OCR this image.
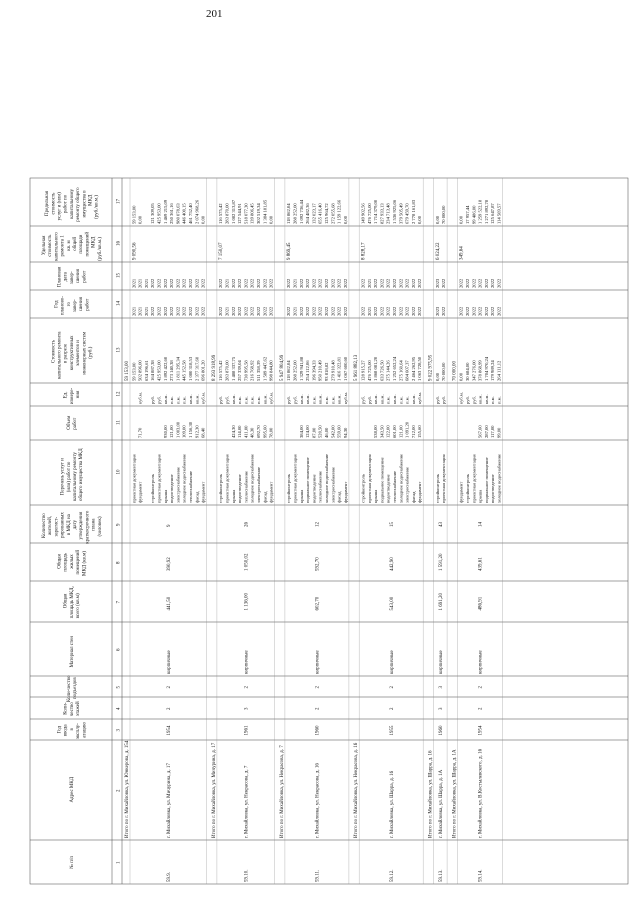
201
№ п/п
Адрес МКД
Год ввода в эксплу- атацию
Коли- чество этажей
Коли-чество подъездов
Материал стен
Общая площадь МКД, всего (кв.м)
Общая площадь жилых помещений МКД (кв.м)
Количество жителей, зарегист- рированных в МКД на дату утверждения краткосрочного плана (человек)
Перечень услуг и (или) работ по капитальному ремонту общего имущества МКД
Объем работ
Ед. измере- ния
Стоимость капитального ремонта в разрезе конструктивных элементов и инженерных систем (руб.)
Год планово- го завер- шения работ
Плановая дата завер- шения работ
Удельная стоимость капитального ремонта 1 кв. м общей площади помещений МКД (руб./кв.м.)
Предельная стоимость услуг и (или) работ по капитальному ремонту общего имущества в МКД (руб./кв.м.)
1
2
3
4
5
6
7
8
9
10
11
12
13
14
15
16
17
Итого по г. Михайловка, ул. Юнкерова, д. 154
59 153,00
проектная документация
59 153,00
2021
2021
59 153,00
фундамент
71,70
куб.м.
502 896,00
2021
2021
0,00
634 196,61
2021
2021
стройконтроль
руб.
164 887,38
2022
2022
121 309,05
проектная документация
руб.
425 953,00
2022
2022
425 953,00
крыша
930,00
кв.м.
1 892 422,60
2022
2022
1 469 215,09
водоотведение
121,00
п.м.
273 140,38
2022
2022
250 361,16
электроснабжение
1 003,00
п.м.
1 811 295,34
2022
2022
980 078,63
холодное водоснабжение
109,00
п.м.
445 152,58
2022
2022
446 400,15
теплоснабжение
1 156,30
кв.м.
1 080 318,53
2022
2022
461 752,40
фасад
912,30
кв.м.
2 377 317,60
2022
2022
2 074 968,26
фундамент
68,40
куб.м.
696 801,20
2022
2022
0,00
59.9.
г. Михайловка, ул. Мичурина, д. 17
1954
2
2
кирпичные
441,50
390,92
9
9 090,56
Итого по г. Михайловка, ул. Мичурина, д. 17
8 293 918,99
стройконтроль
руб.
116 575,42
2022
2022
116 575,42
проектная документация
руб.
283 870,00
2021
2021
283 870,00
крыша
424,30
кв.м.
1 488 337,75
2022
2022
1 082 313,87
водоотведение
114,00
п.м.
257 339,04
2022
2022
127 544,91
теплоснабжение
411,00
п.м.
730 995,58
2022
2022
518 077,30
холодное водоснабжение
48,30
п.м.
216 768,92
2022
2022
139 806,45
электроснабжение
692,70
п.м.
511 358,39
2022
2022
302 519,34
фасад
995,60
кв.м.
1 589 447,62
2022
2022
1 384 181,85
фундамент
78,00
куб.м.
998 844,80
2022
2022
0,00
59.10.
г. Михайловка, ул. Некрасова, д. 7
1961
3
2
кирпичные
1 136,00
1 050,02
26
7 150,07
Итого по г. Михайловка, ул. Некрасова, д. 7
5 947 804,99
стройконтроль
руб.
118 862,04
2022
2022
118 862,04
проектная документация
руб.
288 252,00
2021
2021
288 252,00
крыша
384,00
кв.м.
1 329 941,88
2022
2022
1 092 736,44
подвальное помещение
124,00
кв.м.
254 112,06
2022
2022
264 482,36
водоотведение
87,00
п.м.
196 394,33
2022
2022
132 023,17
теплоснабжение
520,50
кв.м.
950 210,49
2022
2022
655 416,40
холодное водоснабжение
46,00
п.м.
93 818,82
2022
2022
125 964,72
электроснабжение
542,00
п.м.
279 910,48
2022
2022
272 055,68
фасад
559,60
кв.м.
1 416 322,81
2022
2022
1 159 122,66
фундамент
94,30
куб.м.
1 067 600,60
2022
2022
0,00
59.11.
г. Михайловка, ул. Некрасова, д. 16
1960
2
2
кирпичные
602,70
592,70
12
9 869,45
Итого по г. Михайловка, ул. Некрасова, д. 16
5 961 882,13
стройконтроль
руб.
128 915,27
2022
2022
149 902,56
проектная документация
руб.
476 725,00
2021
2021
476 725,00
крыша
538,00
кв.м.
1 868 081,20
2022
2022
1 714 379,00
подвальное помещение
343,50
кв.м.
633 726,50
2022
2022
827 933,13
водоотведение
122,00
п.м.
275 144,26
2022
2022
234 713,48
теплоснабжение
601,00
кв.м.
1 252 652,24
2022
2022
1 536 925,06
холодное водоснабжение
121,00
п.м.
275 160,64
2022
2022
379 505,49
электроснабжение
1 091,20
п.м.
684 607,37
2022
2022
679 459,70
фасад
712,00
кв.м.
2 464 262,95
2022
2022
2 778 161,83
фундамент
155,60
куб.м.
1 063 728,50
2022
2022
0,00
59.12.
г. Михайловка, ул. Шарра, д. 16
1955
2
2
кирпичные
543,00
442,90
15
8 828,17
Итого по г. Михайловка, ул. Шарра, д. 16
9 022 975,95
стройконтроль
руб.
0,00
2023
2023
0,00
проектная документация
руб.
70 000,00
2022
2022
70 000,00
59.13.
г. Михайловка, ул. Шарра, д. 1А
1960
3
3
кирпичные
1 691,20
1 591,20
43
6 024,22
Итого по г. Михайловка, ул. Шарра, д. 1А
70 000,00
фундамент
куб.м.
0,00
2022
2022
0,00
стройконтроль
руб.
30 684,00
2022
2022
17 957,44
проектная документация
руб.
347 276,00
2022
2022
99 486,00
крыша
567,60
кв.м.
378 868,99
2022
2022
1 259 522,18
подвальное помещение
287,00
кв.м.
1 704 970,24
2022
2022
1 271 892,78
водоотведение
117,00
п.м.
179 989,24
2022
2022
125 647,87
холодное водоснабжение
99,00
п.м.
264 111,12
2022
2022
114 569,57
59.14.
г. Михайловка, ул. В.Костылевского, д. 16
1954
2
2
кирпичные
486,91
439,61
14
349,64
